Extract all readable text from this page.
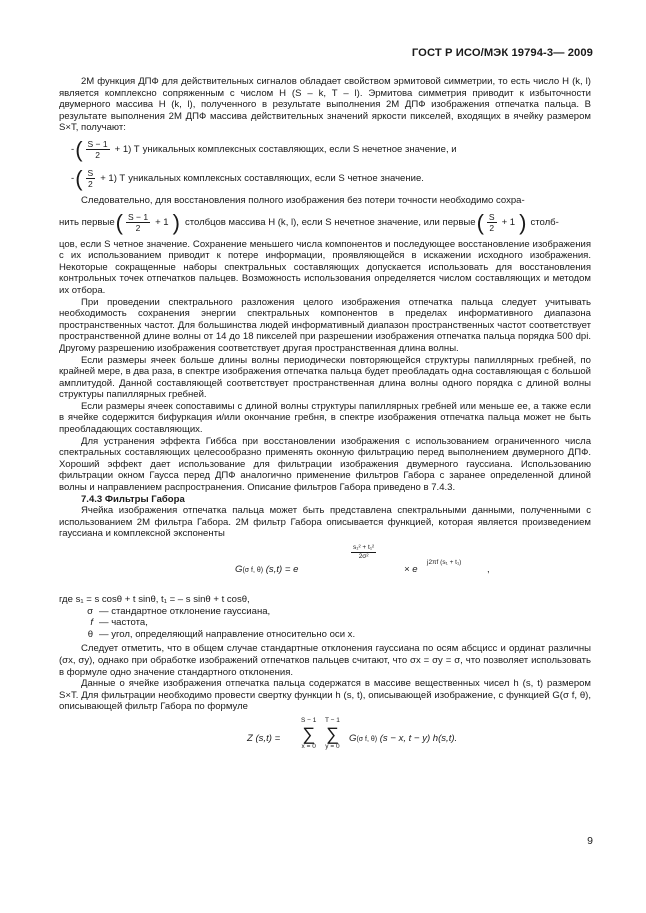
ГОСТ Р ИСО/МЭК 19794-3— 2009

2М функция ДПФ для действительных сигналов обладает свойством эрмитовой симметрии, то есть число H (k, l) является комплексно сопряженным с числом H (S – k, T – l). Эрмитова симметрия приводит к избыточности двумерного массива H (k, l), полученного в результате выполнения 2М ДПФ изображения отпечатка пальца. В результате выполнения 2М ДПФ массива действительных значений яркости пикселей, входящих в ячейку размером S×T, получают:

- ( $\frac{S - 1}{2} + 1$) T уникальных комплексных составляющих, если S нечетное значение, и
- ( $\frac{S}{2} + 1$) T уникальных комплексных составляющих, если S четное значение.

Следовательно, для восстановления полного изображения без потери точности необходимо сохра-

нить первые ( $\frac{S - 1}{2} + 1$ ) столбцов массива H (k, l), если S нечетное значение, или первые ( $\frac{S}{2} + 1$ ) столб-

цов, если S четное значение. Сохранение меньшего числа компонентов и последующее восстановление изображения с их использованием приводит к потере информации, проявляющейся в искажении исходного изображения. Некоторые сокращенные наборы спектральных составляющих допускается использовать для восстановления контрольных точек отпечатков пальцев. Возможность использования определяется числом составляющих и методом их отбора.

При проведении спектрального разложения целого изображения отпечатка пальца следует учитывать необходимость сохранения энергии спектральных компонентов в пределах информативного диапазона пространственных частот. Для большинства людей информативный диапазон пространственных частот соответствует пространственной длине волны от 14 до 18 пикселей при разрешении изображения отпечатка пальца порядка 500 dpi. Другому разрешению изображения соответствует другая пространственная длина волны.

Если размеры ячеек больше длины волны периодически повторяющейся структуры папиллярных гребней, по крайней мере, в два раза, в спектре изображения отпечатка пальца будет преобладать одна составляющая с большой амплитудой. Данной составляющей соответствует пространственная длина волны одного порядка с длиной волны структуры папиллярных гребней.

Если размеры ячеек сопоставимы с длиной волны структуры папиллярных гребней или меньше ее, а также если в ячейке содержится бифуркация и/или окончание гребня, в спектре изображения отпечатка пальца может не быть преобладающих составляющих.

Для устранения эффекта Гиббса при восстановлении изображения с использованием ограниченного числа спектральных составляющих целесообразно применять оконную фильтрацию перед выполнением двумерного ДПФ. Хороший эффект дает использование для фильтрации изображения двумерного гауссиана. Использованию фильтрации окном Гаусса перед ДПФ аналогично применение фильтров Габора с заранее определенной длиной волны и направлением распространения. Описание фильтров Габора приведено в 7.4.3.

7.4.3 Фильтры Габора

Ячейка изображения отпечатка пальца может быть представлена спектральными данными, полученными с использованием 2М фильтра Габора. 2М фильтр Габора описывается функцией, которая является произведением гауссиана и комплексной экспоненты

G(σ f, θ) (s,t) = e
$\frac{\text{s₁² + t₁²}}{\text{2σ²}}$
× e
j2πf (s₁ + t₁)
,

где s₁ = s cosθ + t sinθ, t₁ = – s sinθ + t cosθ,

σ — стандартное отклонение гауссиана,
f — частота,
θ — угол, определяющий направление относительно оси x.

Следует отметить, что в общем случае стандартные отклонения гауссиана по осям абсцисс и ординат различны (σx, σy), однако при обработке изображений отпечатков пальцев считают, что σx = σy = σ, что позволяет использовать в формуле одно значение стандартного отклонения.

Данные о ячейке изображения отпечатка пальца содержатся в массиве вещественных чисел h (s, t) размером S×T. Для фильтрации необходимо провести свертку функции h (s, t), описывающей изображение, с функцией G(σ f, θ), описывающей фильтр Габора по формуле

Z (s,t) =
S − 1
∑
x = 0
T − 1
∑
y = 0
G(σ f, θ) (s − x, t − y) h(s,t).
9
